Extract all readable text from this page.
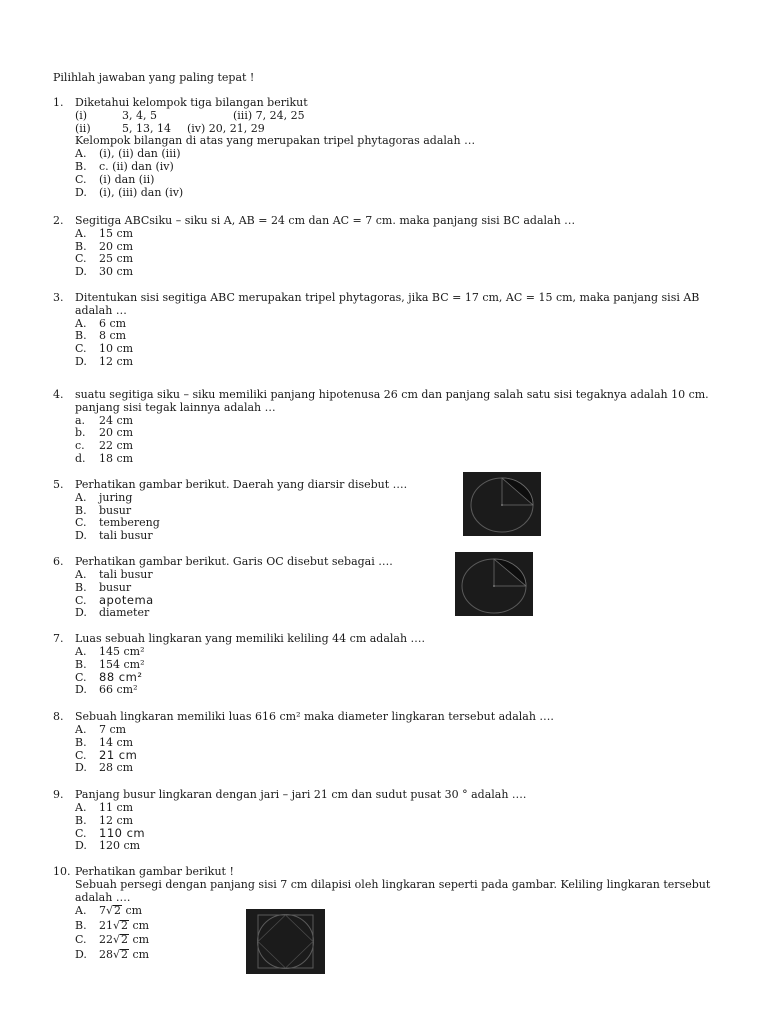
Pilihlah jawaban yang paling tepat !
1.	Diketahui kelompok tiga bilangan berikut
(i)	3, 4, 5	(iii) 7, 24, 25
(ii)	5, 13, 14 (iv) 20, 21, 29
Kelompok bilangan di atas yang merupakan tripel phytagoras adalah …
A. (i), (ii) dan (iii)
B. c. (ii) dan (iv)
C. (i) dan (ii)
D. (i), (iii) dan (iv)
2.	Segitiga ABCsiku – siku si A, AB = 24 cm dan AC = 7 cm. maka panjang sisi BC adalah …
A. 15 cm
B. 20 cm
C. 25 cm
D. 30 cm
3.	Ditentukan sisi segitiga ABC merupakan tripel phytagoras, jika BC = 17 cm, AC = 15 cm, maka panjang sisi AB
adalah …
A. 6 cm
B. 8 cm
C. 10 cm
D. 12 cm
4.	suatu segitiga siku – siku memiliki panjang hipotenusa 26 cm dan panjang salah satu sisi tegaknya adalah 10 cm.
panjang sisi tegak lainnya adalah …
a. 24 cm
b. 20 cm
c. 22 cm
d. 18 cm
5.	Perhatikan gambar berikut. Daerah yang diarsir disebut ….
A. juring
B. busur
C. tembereng
D. tali busur
6.	Perhatikan gambar berikut. Garis OC disebut sebagai ….
A. tali busur
B. busur
C. apotema
D. diameter
7.	Luas sebuah lingkaran yang memiliki keliling 44 cm adalah ….
A. 145 cm²
B. 154 cm²
C. 88 cm²
D. 66 cm²
8.	Sebuah lingkaran memiliki luas 616 cm² maka diameter lingkaran tersebut adalah ….
A. 7 cm
B. 14 cm
C. 21 cm
D. 28 cm
9.	Panjang busur lingkaran dengan jari – jari 21 cm dan sudut pusat 30 ° adalah ….
A. 11 cm
B. 12 cm
C. 110 cm
D. 120 cm
10. Perhatikan gambar berikut !
Sebuah persegi dengan panjang sisi 7 cm dilapisi oleh lingkaran seperti pada gambar. Keliling lingkaran tersebut
adalah ….
A. 7√2 cm
B. 21√2 cm
C. 22√2 cm
D. 28√2 cm
